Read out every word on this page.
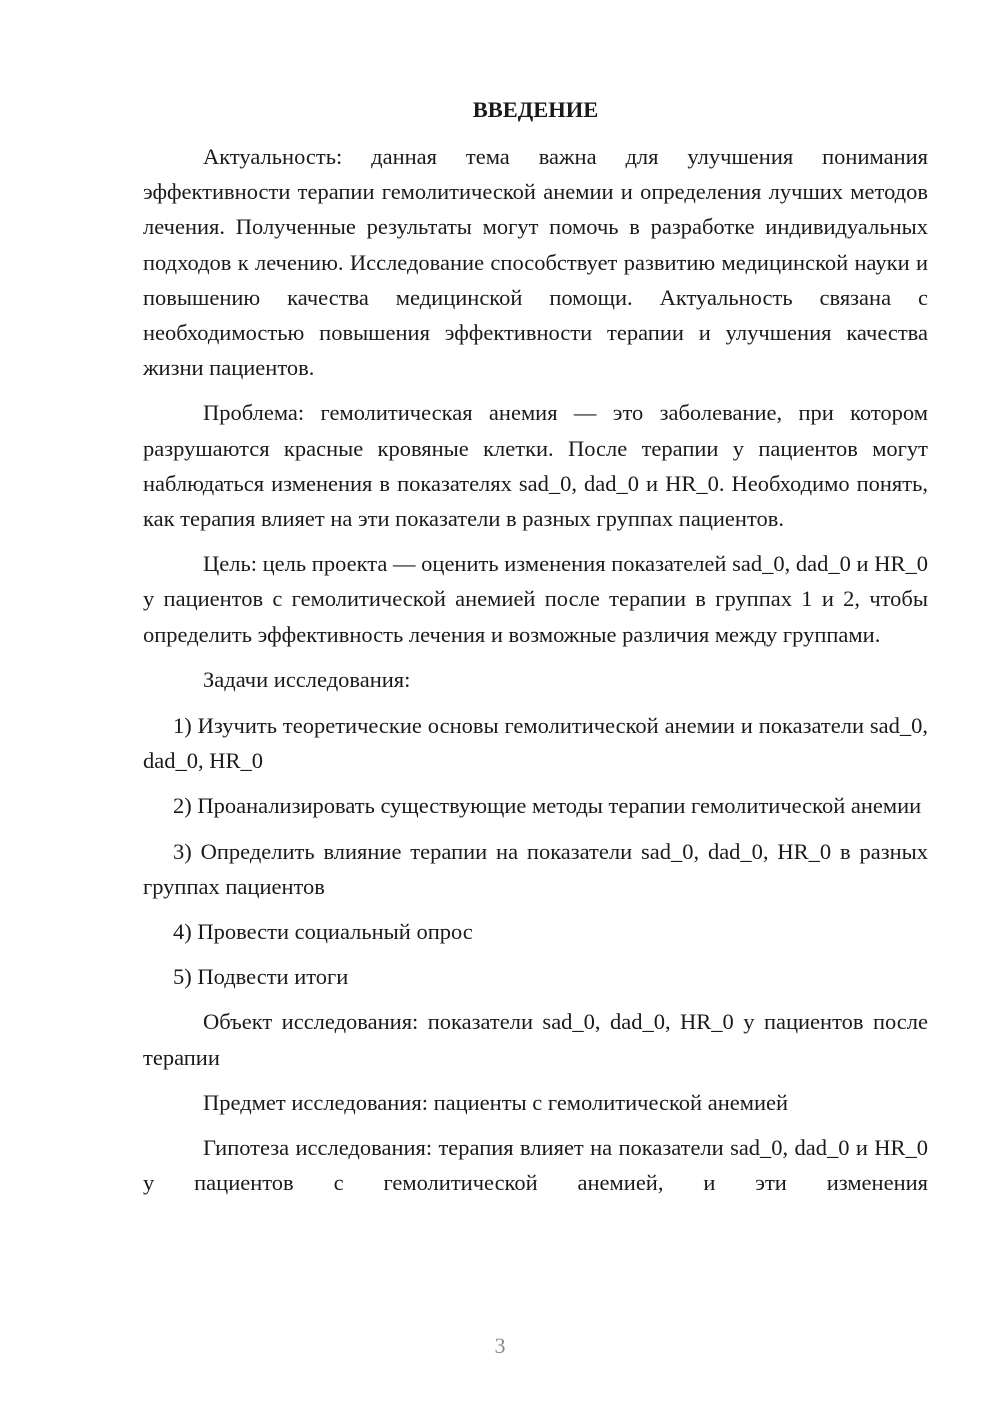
ВВЕДЕНИЕ

Актуальность: данная тема важна для улучшения понимания эффективности терапии гемолитической анемии и определения лучших методов лечения. Полученные результаты могут помочь в разработке индивидуальных подходов к лечению. Исследование способствует развитию медицинской науки и повышению качества медицинской помощи. Актуальность связана с необходимостью повышения эффективности терапии и улучшения качества жизни пациентов.

Проблема: гемолитическая анемия — это заболевание, при котором разрушаются красные кровяные клетки. После терапии у пациентов могут наблюдаться изменения в показателях sad_0, dad_0 и HR_0. Необходимо понять, как терапия влияет на эти показатели в разных группах пациентов.

Цель: цель проекта — оценить изменения показателей sad_0, dad_0 и HR_0 у пациентов с гемолитической анемией после терапии в группах 1 и 2, чтобы определить эффективность лечения и возможные различия между группами.

Задачи исследования:

1) Изучить теоретические основы гемолитической анемии и показатели sad_0, dad_0, HR_0

2) Проанализировать существующие методы терапии гемолитической анемии

3) Определить влияние терапии на показатели sad_0, dad_0, HR_0 в разных группах пациентов

4) Провести социальный опрос

5) Подвести итоги

Объект исследования: показатели sad_0, dad_0, HR_0 у пациентов после терапии

Предмет исследования: пациенты с гемолитической анемией

Гипотеза исследования: терапия влияет на показатели sad_0, dad_0 и HR_0 у пациентов с гемолитической анемией, и эти изменения

3
